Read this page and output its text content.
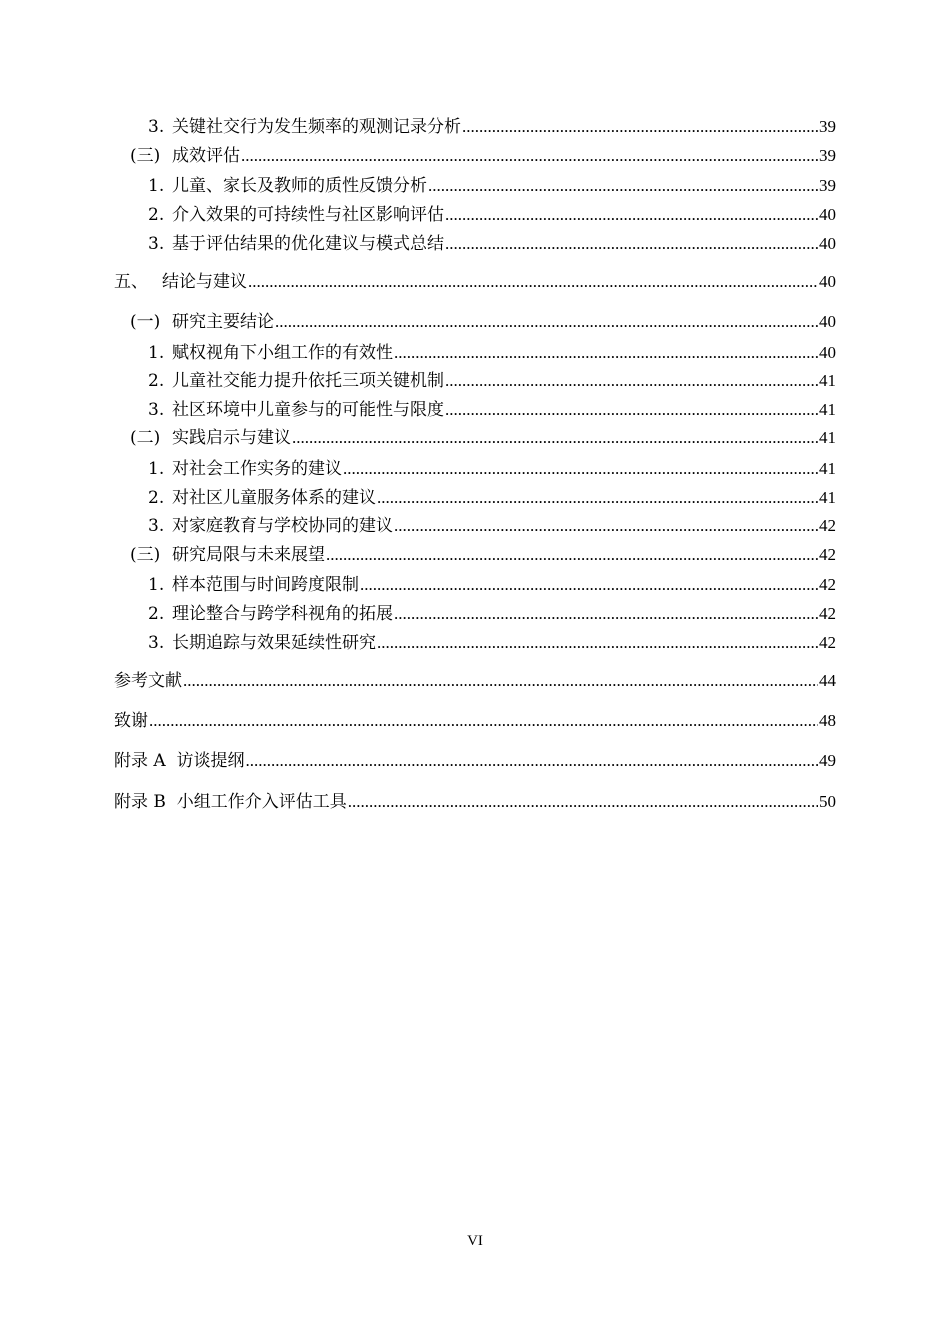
3. 关键社交行为发生频率的观测记录分析 .....	39
(三) 成效评估 .....	39
1. 儿童、家长及教师的质性反馈分析 .....	39
2. 介入效果的可持续性与社区影响评估 .....	40
3. 基于评估结果的优化建议与模式总结 .....	40
五、 结论与建议 .....	40
(一) 研究主要结论 .....	40
1. 赋权视角下小组工作的有效性 .....	40
2. 儿童社交能力提升依托三项关键机制 .....	41
3. 社区环境中儿童参与的可能性与限度 .....	41
(二) 实践启示与建议 .....	41
1. 对社会工作实务的建议 .....	41
2. 对社区儿童服务体系的建议 .....	41
3. 对家庭教育与学校协同的建议 .....	42
(三) 研究局限与未来展望 .....	42
1. 样本范围与时间跨度限制 .....	42
2. 理论整合与跨学科视角的拓展 .....	42
3. 长期追踪与效果延续性研究 .....	42
参考文献 .....	44
致谢 .....	48
附录 A  访谈提纲 .....	49
附录 B  小组工作介入评估工具 .....	50
VI
